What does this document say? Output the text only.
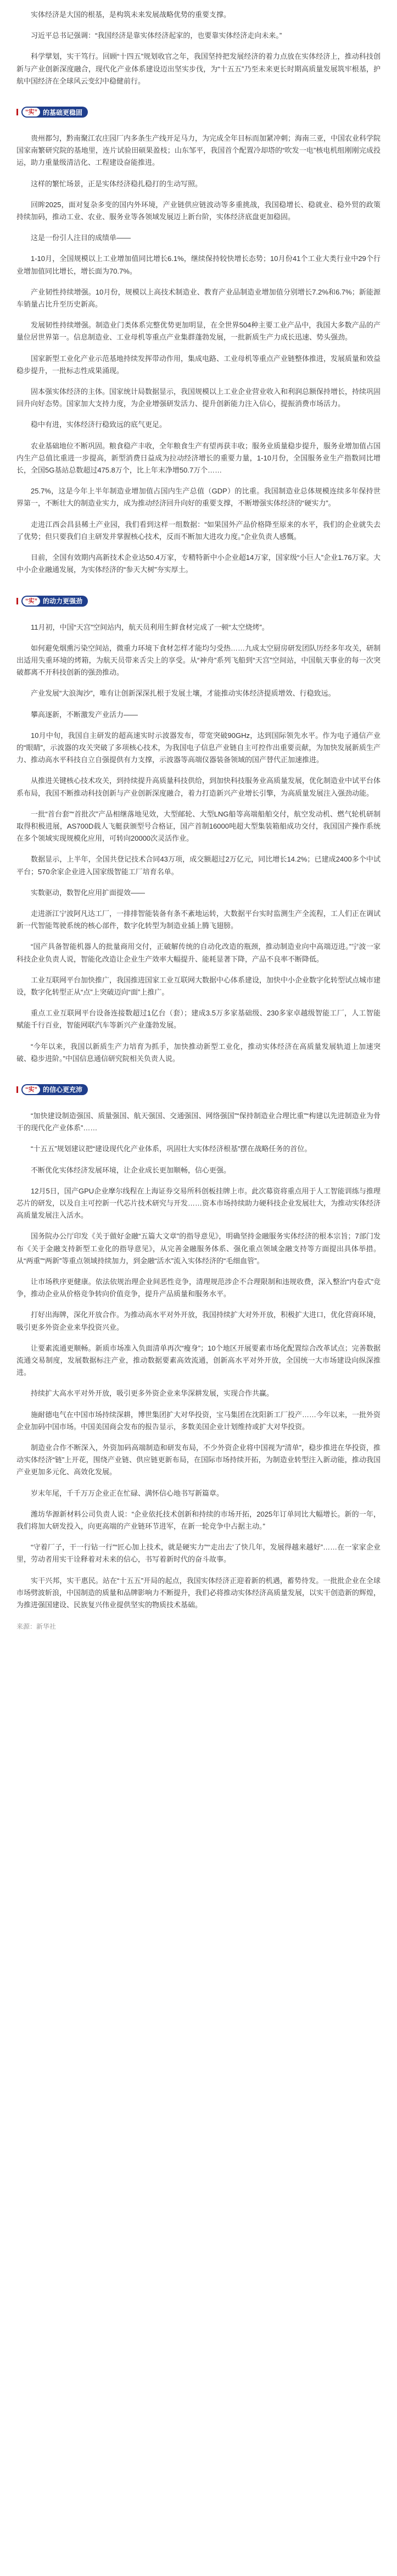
实体经济是大国的根基，是构筑未来发展战略优势的重要支撑。

习近平总书记强调：“我国经济是靠实体经济起家的，也要靠实体经济走向未来。”

科学擘划，实干笃行。回顾“十四五”规划收官之年，我国坚持把发展经济的着力点放在实体经济上，推动科技创新与产业创新深度融合，现代化产业体系建设迈出坚实步伐，为“十五五”乃至未来更长时期高质量发展筑牢根基，护航中国经济在全球风云变幻中稳健前行。

“实” 的基础更稳固

贵州都匀，黔南聚江农庄园厂内多条生产线开足马力，为完成全年目标而加紧冲刺；海南三亚，中国农业科学院国家南繁研究院的基地里，连片试验田硕果盈枝；山东邹平，我国首个配置冷却塔的“吹发一电”核电机组刚刚完成投运，助力重量级清洁化、工程建设奋能推进。

这样的繁忙场景，正是实体经济稳扎稳打的生动写照。

回眸2025，面对复杂多变的国内外环境，产业链供应链波动等多重挑战，我国稳增长、稳就业、稳外贸的政策持续加码，推动工业、农业、服务业等各领域发展迈上新台阶，实体经济底盘更加稳固。

这是一份引人注目的成绩单——

1-10月，全国规模以上工业增加值同比增长6.1%，继续保持较快增长态势；10月份41个工业大类行业中29个行业增加值同比增长，增长面为70.7%。

产业韧性持续增强。10月份，规模以上高技术制造业、教育产业品制造业增加值分别增长7.2%和6.7%；新能源车销量占比升至历史新高。

发展韧性持续增强。制造业门类体系完整优势更加明显，在全世界504种主要工业产品中，我国大多数产品的产量位居世界第一。信息制造业、工业母机等重点产业集群蓬勃发展，一批新质生产力成长迅速、势头强劲。

国家新型工业化产业示范基地持续发挥带动作用，集成电路、工业母机等重点产业链整体推进，发展质量和效益稳步提升，一批标志性成果涌现。

固本强实体经济的主体。国家统计局数据显示，我国规模以上工业企业营业收入和利润总额保持增长，持续巩固回升向好态势。国家加大支持力度，为企业增强研发活力、提升创新能力注入信心，提振消费市场活力。

稳中有进，实体经济行稳致远的底气更足。

农业基础地位不断巩固。粮食稳产丰收，全年粮食生产有望再获丰收；服务业质量稳步提升，服务业增加值占国内生产总值比重进一步提高，新型消费日益成为拉动经济增长的重要力量，1-10月份，全国服务业生产指数同比增长，全国5G基站总数超过475.8万个，比上年末净增50.7万个……

25.7%，这是今年上半年制造业增加值占国内生产总值（GDP）的比重。我国制造业总体规模连续多年保持世界第一，不断壮大的制造业实力，成为推动经济回升向好的重要支撑，不断增强实体经济的“硬实力”。

走进江西会昌县稀土产业园，我们看到这样一组数据：“如果国外产品价格降至原来的水平，我们的企业就失去了优势；但只要我们自主研发并掌握核心技术，反而不断加大进攻力度。”企业负责人感慨。

目前，全国有效期内高新技术企业达50.4万家，专精特新中小企业超14万家，国家级“小巨人”企业1.76万家。大中小企业融通发展，为实体经济的“参天大树”夯实厚土。

“实” 的动力更强劲

11月初，中国“天宫”空间站内，航天员利用生鲜食材完成了一顿“太空烧烤”。

如何避免烟熏污染空间站，微重力环境下食材怎样才能均匀受热……九成太空厨房研发团队历经多年攻关，研制出适用失重环境的烤箱，为航天员带来舌尖上的享受。从“神舟”系列飞船到“天宫”空间站，中国航天事业的每一次突破都离不开科技创新的强劲推动。

产业发展“大浪淘沙”，唯有让创新深深扎根于发展土壤，才能推动实体经济提质增效、行稳致远。

攀高逐新，不断激发产业活力——

10月中旬，我国自主研发的超高速实时示波器发布，带宽突破90GHz，达到国际领先水平。作为电子通信产业的“眼睛”，示波器的攻关突破了多项核心技术，为我国电子信息产业链自主可控作出重要贡献，为加快发展新质生产力、推动高水平科技自立自强提供有力支撑，示波器等高端仪器装备领域的国产替代正加速推进。

从推进关键核心技术攻关，到持续提升高质量科技供给，到加快科技服务业高质量发展，优化制造业中试平台体系布局，我国不断推动科技创新与产业创新深度融合，着力打造新兴产业增长引擎，为高质量发展注入强劲动能。

一批“首台套”“首批次”产品相继落地见效，大型邮轮、大型LNG船等高端船舶交付，航空发动机、燃气轮机研制取得积极进展，AS700D载人飞艇获颁型号合格证，国产首制16000吨超大型集装箱船成功交付，我国国产操作系统在多个领域实现规模化应用，可转向20000次灵活作业。

数据显示，上半年，全国共登记技术合同43万项，成交额超过2万亿元，同比增长14.2%；已建成2400多个中试平台；570余家企业进入国家级智能工厂培育名单。

实数驱动，数智化应用扩面提效——

走进浙江宁波阿凡达工厂，一排排智能装备有条不紊地运转，大数据平台实时监测生产全流程，工人们正在调试新一代智能驾驶系统的核心部件，数字化转型为制造业插上腾飞翅膀。

“国产具备智能机器人的批量商用交付，正破解传统的自动化改造的瓶颈，推动制造业向中高端迈进。”宁波一家科技企业负责人说，智能化改造让企业生产效率大幅提升、能耗显著下降，产品不良率不断降低。

工业互联网平台加快推广，我国推进国家工业互联网大数据中心体系建设，加快中小企业数字化转型试点城市建设，数字化转型正从“点”上突破迈向“面”上推广。

重点工业互联网平台设备连接数超过1亿台（套）；建成3.5万多家基础级、230多家卓越级智能工厂，人工智能赋能千行百业，智能网联汽车等新兴产业蓬勃发展。

“今年以来，我国以新质生产力培育为抓手，加快推动新型工业化，推动实体经济在高质量发展轨道上加速突破、稳步进阶。”中国信息通信研究院相关负责人说。

“实” 的信心更充沛

“加快建设制造强国、质量强国、航天强国、交通强国、网络强国”“保持制造业合理比重”“构建以先进制造业为骨干的现代化产业体系”……

“十五五”规划建议把“建设现代化产业体系，巩固壮大实体经济根基”摆在战略任务的首位。

不断优化实体经济发展环境，让企业成长更加顺畅，信心更强。

12月5日，国产GPU企业摩尔线程在上海证券交易所科创板挂牌上市。此次募资将重点用于人工智能训练与推理芯片的研发，以及自主可控新一代芯片技术研究与开发……资本市场持续助力硬科技企业发展壮大，为推动实体经济高质量发展注入活水。

国务院办公厅印发《关于做好金融“五篇大文章”的指导意见》，明确坚持金融服务实体经济的根本宗旨；7部门发布《关于金融支持新型工业化的指导意见》，从完善金融服务体系、强化重点领域金融支持等方面提出具体举措。从“两重”“两新”等重点领域持续加力，到金融“活水”流入实体经济的“毛细血管”。

让市场秩序更健康。依法依规治理企业间恶性竞争，清理规范涉企不合理限制和违规收费，深入整治“内卷式”竞争，推动企业从价格竞争转向价值竞争，提升产品质量和服务水平。

打好出海牌，深化开放合作。为推动高水平对外开放，我国持续扩大对外开放，积极扩大进口，优化营商环境，吸引更多外资企业来华投资兴业。

让要素流通更顺畅。新质市场准入负面清单再次“瘦身”；10个地区开展要素市场化配置综合改革试点；完善数据流通交易制度，发展数据标注产业，推动数据要素高效流通，创新高水平对外开放，全国统一大市场建设向纵深推进。

持续扩大高水平对外开放，吸引更多外资企业来华深耕发展，实现合作共赢。

施耐德电气在中国市场持续深耕，博世集团扩大对华投资，宝马集团在沈阳新工厂投产……今年以来，一批外资企业加码中国市场。中国美国商会发布的报告显示，多数美国企业计划维持或扩大对华投资。

制造业合作不断深入，外资加码高端制造和研发布局，不少外资企业将中国视为“清单”，稳步推进在华投资，推动实体经济“链”上开花，围绕产业链、供应链更新布局，在国际市场持续开拓，为制造业转型注入新动能，推动我国产业更加多元化、高效化发展。

岁末年尾，千千万万企业正在忙碌、满怀信心地书写新篇章。

潍坊华源新材料公司负责人说：“企业依托技术创新和持续的市场开拓，2025年订单同比大幅增长。新的一年，我们将加大研发投入，向更高端的产业链环节进军，在新一轮竞争中占据主动。”

“守着厂子，干一行钻一行”“匠心加上技术，就是硬实力”“‘走出去’了快几年，发展得越来越好”……在一家家企业里，劳动者用实干诠释着对未来的信心，书写着新时代的奋斗故事。

实干兴邦，实干惠民。站在“十五五”开局的起点，我国实体经济正迎着新的机遇，蓄势待发。一批批企业在全球市场劈波斩浪，中国制造的质量和品牌影响力不断提升，我们必将推动实体经济高质量发展，以实干创造新的辉煌，为推进强国建设、民族复兴伟业提供坚实的物质技术基础。

来源：新华社
